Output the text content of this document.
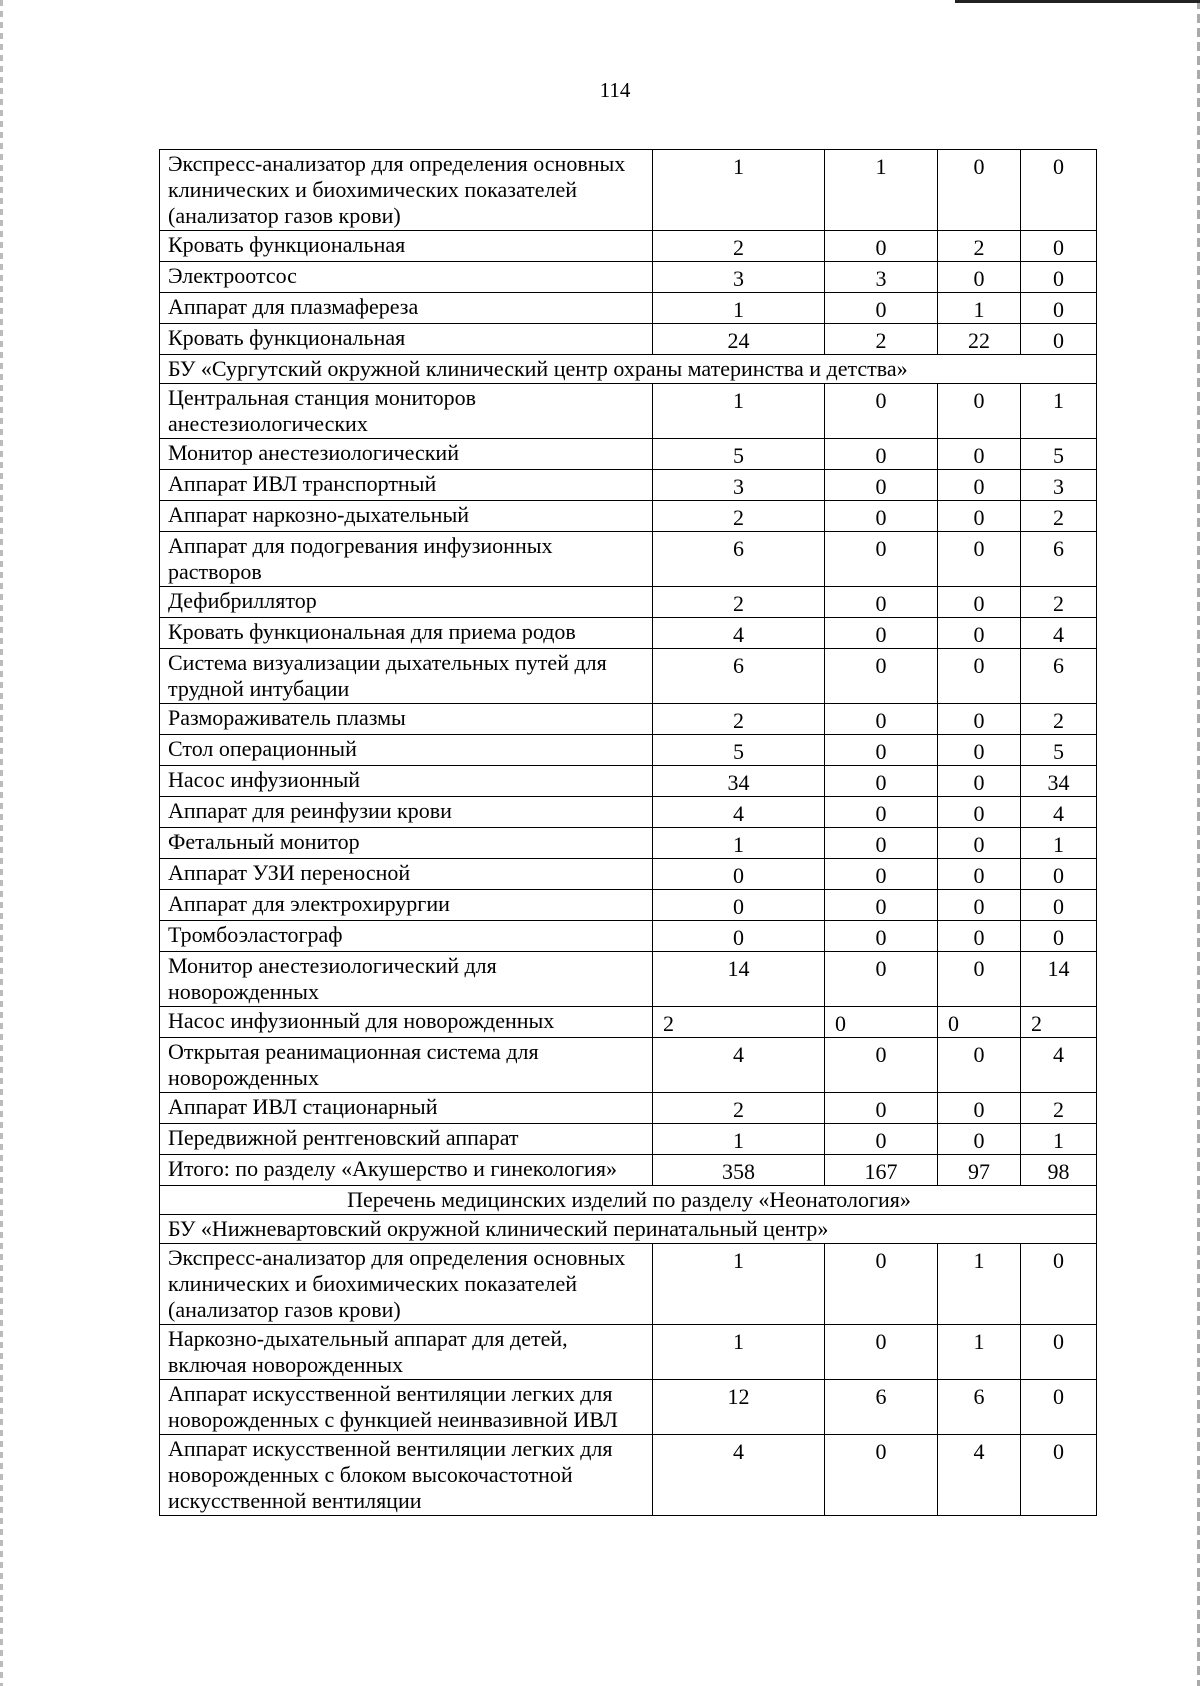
114
Экспресс-анализатор для определения основных клинических и биохимических показателей (анализатор газов крови)	1	1	0	0
Кровать функциональная	2	0	2	0
Электроотсос	3	3	0	0
Аппарат для плазмафереза	1	0	1	0
Кровать функциональная	24	2	22	0
БУ «Сургутский окружной клинический центр охраны материнства и детства»				
Центральная станция мониторов анестезиологических	1	0	0	1
Монитор анестезиологический	5	0	0	5
Аппарат ИВЛ транспортный	3	0	0	3
Аппарат наркозно-дыхательный	2	0	0	2
Аппарат для подогревания инфузионных растворов	6	0	0	6
Дефибриллятор	2	0	0	2
Кровать функциональная для приема родов	4	0	0	4
Система визуализации дыхательных путей для трудной интубации	6	0	0	6
Размораживатель плазмы	2	0	0	2
Стол операционный	5	0	0	5
Насос инфузионный	34	0	0	34
Аппарат для реинфузии крови	4	0	0	4
Фетальный монитор	1	0	0	1
Аппарат УЗИ переносной	0	0	0	0
Аппарат для электрохирургии	0	0	0	0
Тромбоэластограф	0	0	0	0
Монитор анестезиологический для новорожденных	14	0	0	14
Насос инфузионный для новорожденных	2	0	0	2
Открытая реанимационная система для новорожденных	4	0	0	4
Аппарат ИВЛ стационарный	2	0	0	2
Передвижной рентгеновский аппарат	1	0	0	1
Итого: по разделу «Акушерство и гинекология»	358	167	97	98
Перечень медицинских изделий по разделу «Неонатология»				
БУ «Нижневартовский окружной клинический перинатальный центр»				
Экспресс-анализатор для определения основных клинических и биохимических показателей (анализатор газов крови)	1	0	1	0
Наркозно-дыхательный аппарат для детей, включая новорожденных	1	0	1	0
Аппарат искусственной вентиляции легких для новорожденных с функцией неинвазивной ИВЛ	12	6	6	0
Аппарат искусственной вентиляции легких для новорожденных с блоком высокочастотной искусственной вентиляции	4	0	4	0
